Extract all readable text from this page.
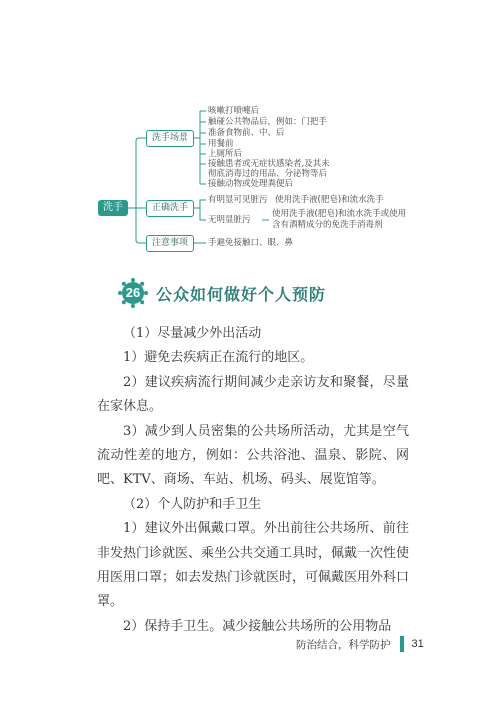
洗手
洗手场景
正确洗手
注意事项
咳嗽打喷嚏后
触碰公共物品后，例如：门把手
准备食物前、中、后
用餐前
上厕所后
接触患者或无症状感染者,及其未
彻底消毒过的用品、分泌物等后
接触动物或处理粪便后
有明显可见脏污 使用洗手液(肥皂)和流水洗手
无明显脏污
使用洗手液(肥皂)和流水洗手或使用含有酒精成分的免洗手消毒剂
手避免接触口、眼、鼻
26 公众如何做好个人预防

（1）尽量减少外出活动

1）避免去疾病正在流行的地区。

2）建议疾病流行期间减少走亲访友和聚餐，尽量在家休息。

3）减少到人员密集的公共场所活动，尤其是空气流动性差的地方，例如：公共浴池、温泉、影院、网吧、KTV、商场、车站、机场、码头、展览馆等。

（2）个人防护和手卫生

1）建议外出佩戴口罩。外出前往公共场所、前往非发热门诊就医、乘坐公共交通工具时，佩戴一次性使用医用口罩；如去发热门诊就医时，可佩戴医用外科口罩。

2）保持手卫生。减少接触公共场所的公用物品

防治结合，科学防护 31
